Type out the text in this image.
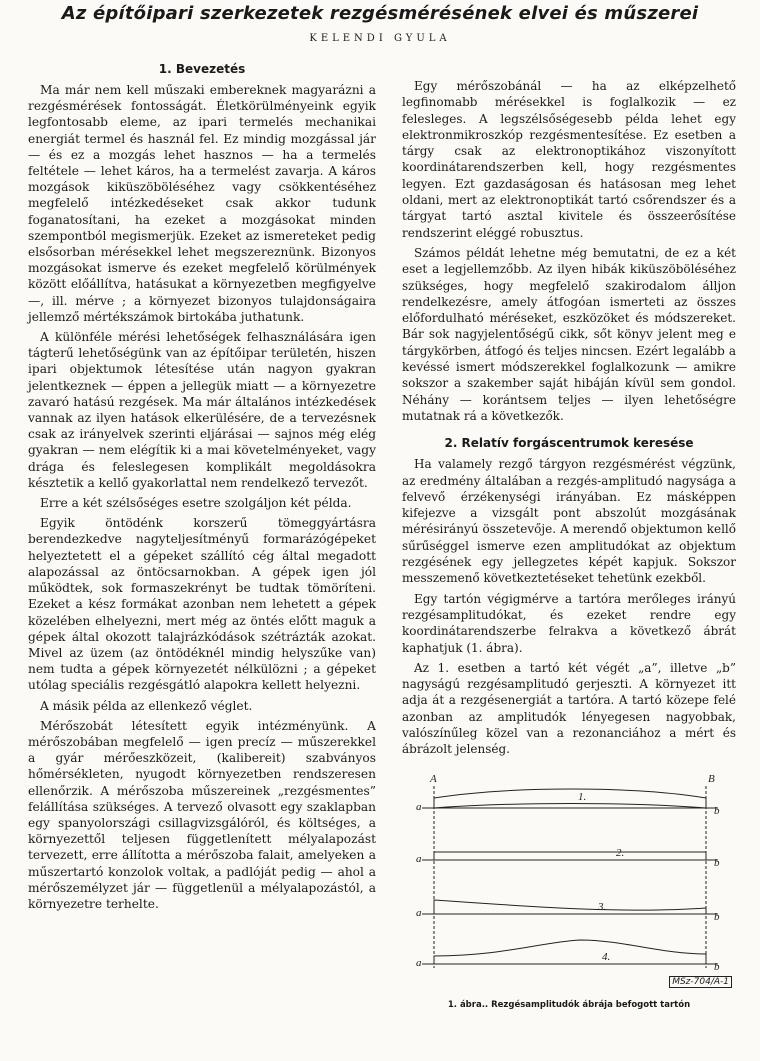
Az építőipari szerkezetek rezgésmérésének elvei és műszerei
KELENDI GYULA
1. Bevezetés

Ma már nem kell műszaki embereknek magyarázni a rezgésmérések fontosságát. Életkörülményeink egyik legfontosabb eleme, az ipari termelés mechanikai energiát termel és használ fel. Ez mindig mozgással jár — és ez a mozgás lehet hasznos — ha a termelés feltétele — lehet káros, ha a termelést zavarja. A káros mozgások kiküszöböléséhez vagy csökkentéséhez megfelelő intézkedéseket csak akkor tudunk foganatosítani, ha ezeket a mozgásokat minden szempontból megismerjük. Ezeket az ismereteket pedig elsősorban mérésekkel lehet megszereznünk. Bizonyos mozgásokat ismerve és ezeket megfelelő körülmények között előállítva, hatásukat a környezetben megfigyelve —, ill. mérve ; a környezet bizonyos tulajdonságaira jellemző mértékszámok birtokába juthatunk.

A különféle mérési lehetőségek felhasználására igen tágterű lehetőségünk van az építőipar területén, hiszen ipari objektumok létesítése után nagyon gyakran jelentkeznek — éppen a jellegük miatt — a környezetre zavaró hatású rezgések. Ma már általános intézkedések vannak az ilyen hatások elkerülésére, de a tervezésnek csak az irányelvek szerinti eljárásai — sajnos még elég gyakran — nem elégítik ki a mai követelményeket, vagy drága és feleslegesen komplikált megoldásokra késztetik a kellő gyakorlattal nem rendelkező tervezőt.

Erre a két szélsőséges esetre szolgáljon két példa.

Egyik öntödénk korszerű tömeggyártásra berendezkedve nagyteljesítményű formarázógépeket helyeztetett el a gépeket szállító cég által megadott alapozással az öntöcsarnokban. A gépek igen jól működtek, sok formaszekrényt be tudtak tömöríteni. Ezeket a kész formákat azonban nem lehetett a gépek közelében elhelyezni, mert még az öntés előtt maguk a gépek által okozott talajrázkódások szétrázták azokat. Mivel az üzem (az öntödéknél mindig helyszűke van) nem tudta a gépek környezetét nélkülözni ; a gépeket utólag speciális rezgésgátló alapokra kellett helyezni.

A másik példa az ellenkező véglet.

Mérőszobát létesített egyik intézményünk. A mérőszobában megfelelő — igen precíz — műszerekkel a gyár mérőeszközeit, (kalibereit) szabványos hőmérsékleten, nyugodt környezetben rendszeresen ellenőrzik. A mérőszoba műszereinek „rezgésmentes” felállítása szükséges. A tervező olvasott egy szaklapban egy spanyolországi csillagvizsgálóról, és költséges, a környezettől teljesen függetlenített mélyalapozást tervezett, erre állította a mérőszoba falait, amelyeken a műszertartó konzolok voltak, a padlóját pedig — ahol a mérőszemélyzet jár — függetlenül a mélyalapozástól, a környezetre terhelte.

Egy mérőszobánál — ha az elképzelhető legfinomabb mérésekkel is foglalkozik — ez felesleges. A legszélsőségesebb példa lehet egy elektronmikroszkóp rezgésmentesítése. Ez esetben a tárgy csak az elektronoptikához viszonyított koordinátarendszerben kell, hogy rezgésmentes legyen. Ezt gazdaságosan és hatásosan meg lehet oldani, mert az elektronoptikát tartó csőrendszer és a tárgyat tartó asztal kivitele és összeerősítése rendszerint eléggé robusztus.

Számos példát lehetne még bemutatni, de ez a két eset a legjellemzőbb. Az ilyen hibák kiküszöböléséhez szükséges, hogy megfelelő szakirodalom álljon rendelkezésre, amely átfogóan ismerteti az összes előfordulható méréseket, eszközöket és módszereket. Bár sok nagyjelentőségű cikk, sőt könyv jelent meg e tárgykörben, átfogó és teljes nincsen. Ezért legalább a kevéssé ismert módszerekkel foglalkozunk — amikre sokszor a szakember saját hibáján kívül sem gondol. Néhány — korántsem teljes — ilyen lehetőségre mutatnak rá a következők.

2. Relatív forgáscentrumok keresése

Ha valamely rezgő tárgyon rezgésmérést végzünk, az eredmény általában a rezgés-amplitudó nagysága a felvevő érzékenységi irányában. Ez másképpen kifejezve a vizsgált pont abszolút mozgásának mérésirányú összetevője. A merendő objektumon kellő sűrűséggel ismerve ezen amplitudókat az objektum rezgésének egy jellegzetes képét kapjuk. Sokszor messzemenő következtetéseket tehetünk ezekből.

Egy tartón végigmérve a tartóra merőleges irányú rezgésamplitudókat, és ezeket rendre egy koordinátarendszerbe felrakva a következő ábrát kaphatjuk (1. ábra).

Az 1. esetben a tartó két végét „a”, illetve „b” nagyságú rezgésamplitudó gerjeszti. A környezet itt adja át a rezgésenergiát a tartóra. A tartó közepe felé azonban az amplitudók lényegesen nagyobbak, valószínűleg közel van a rezonanciához a mért és ábrázolt jelenség.

A	B
a	b
1.
a	b
2.
a	b
3.
a	b
4.
MSz-704/A-1
1. ábra.. Rezgésamplitudók ábrája befogott tartón
